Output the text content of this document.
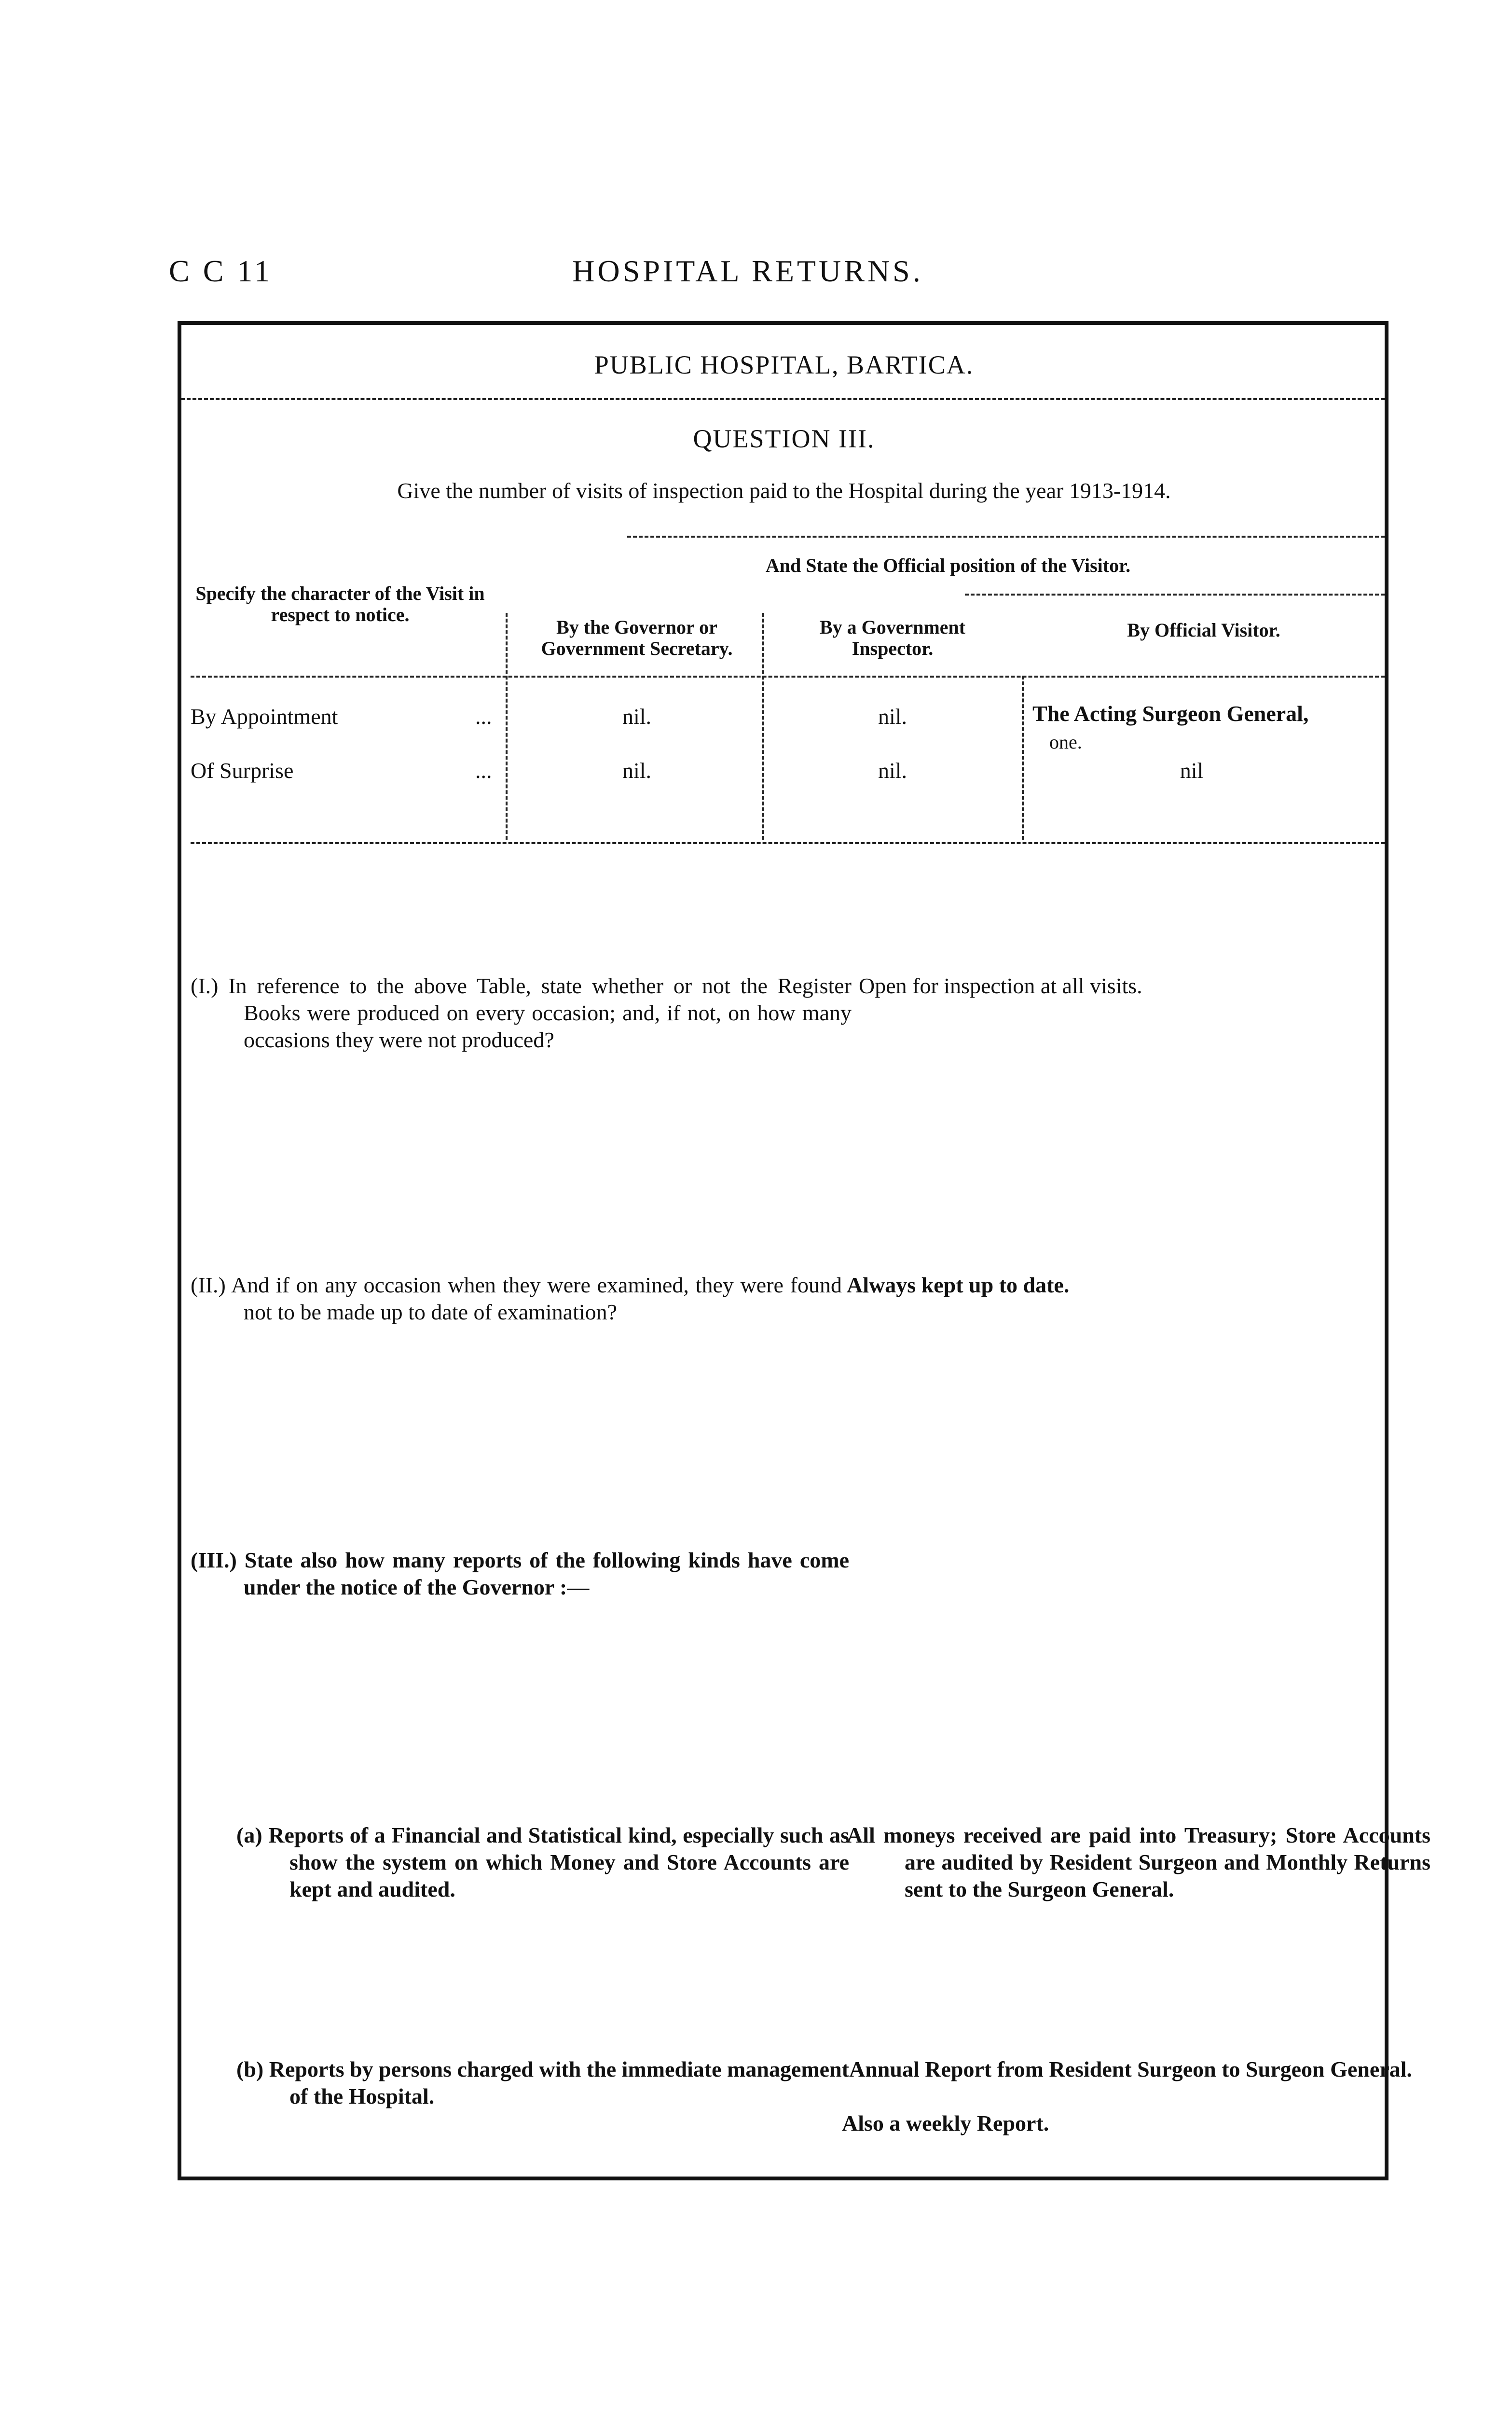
C C 11	HOSPITAL RETURNS.
PUBLIC HOSPITAL, BARTICA.
QUESTION III.
Give the number of visits of inspection paid to the Hospital during the year 1913-1914.
And State the Official position of the Visitor.
Specify the character of the Visit in respect to notice.
By the Governor or Government Secretary.
By a Government Inspector.
By Official Visitor.
By Appointment	...	nil.	nil.	The Acting Surgeon General,
one.
Of Surprise	...	nil.	nil.	nil
(I.) In reference to the above Table, state whether or not the Register Books were produced on every occasion; and, if not, on how many occasions they were not produced?
Open for inspection at all visits.
(II.) And if on any occasion when they were examined, they were found not to be made up to date of examination?
Always kept up to date.
(III.) State also how many reports of the following kinds have come under the notice of the Governor :—
(a) Reports of a Financial and Statistical kind, especially such as show the system on which Money and Store Accounts are kept and audited.
All moneys received are paid into Treasury; Store Accounts are audited by Resident Surgeon and Monthly Returns sent to the Surgeon General.
(b) Reports by persons charged with the immediate management of the Hospital.
Annual Report from Resident Surgeon to Surgeon General.
Also a weekly Report.
